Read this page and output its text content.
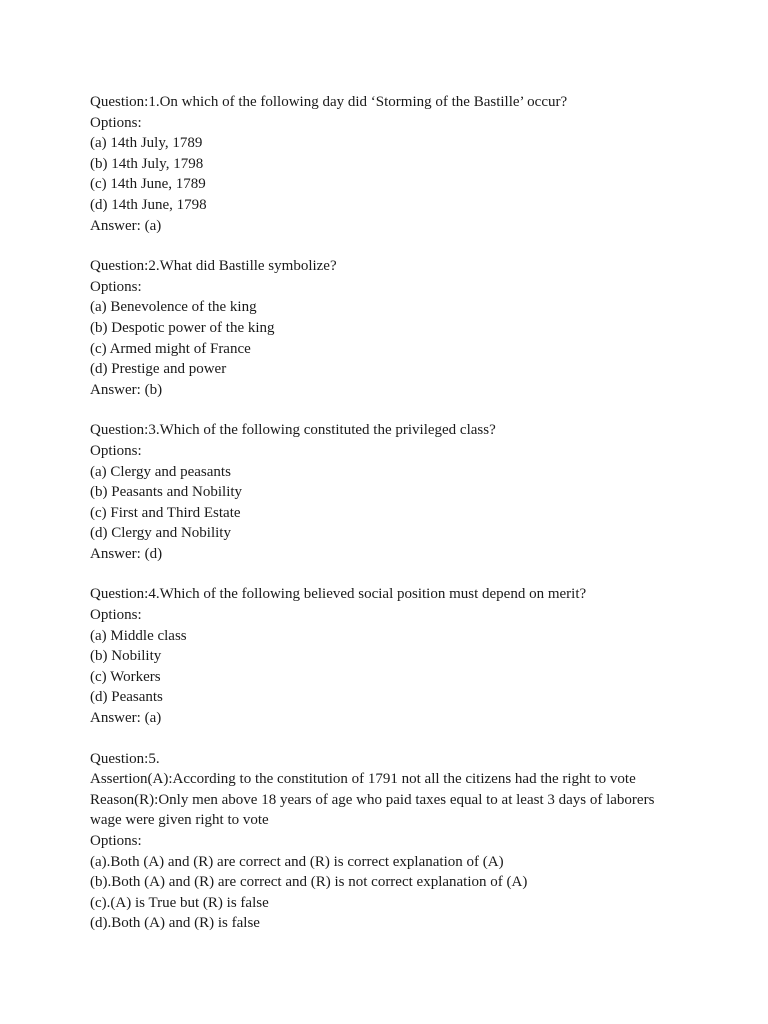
Question:1.On which of the following day did ‘Storming of the Bastille’ occur?
Options:
(a) 14th July, 1789
(b) 14th July, 1798
(c) 14th June, 1789
(d) 14th June, 1798
Answer: (a)
Question:2.What did Bastille symbolize?
Options:
(a) Benevolence of the king
(b) Despotic power of the king
(c) Armed might of France
(d) Prestige and power
Answer: (b)
Question:3.Which of the following constituted the privileged class?
Options:
(a) Clergy and peasants
(b) Peasants and Nobility
(c) First and Third Estate
(d) Clergy and Nobility
Answer: (d)
Question:4.Which of the following believed social position must depend on merit?
Options:
(a) Middle class
(b) Nobility
(c) Workers
(d) Peasants
Answer: (a)
Question:5.
Assertion(A):According to the constitution of 1791 not all the citizens had the right to vote
Reason(R):Only men above 18 years of age who paid taxes equal to at least 3 days of laborers
wage were given right to vote
Options:
(a).Both (A) and (R) are correct and (R) is correct explanation of (A)
(b).Both (A) and (R) are correct and (R) is not correct explanation of (A)
(c).(A) is True but (R) is false
(d).Both (A) and (R) is false
